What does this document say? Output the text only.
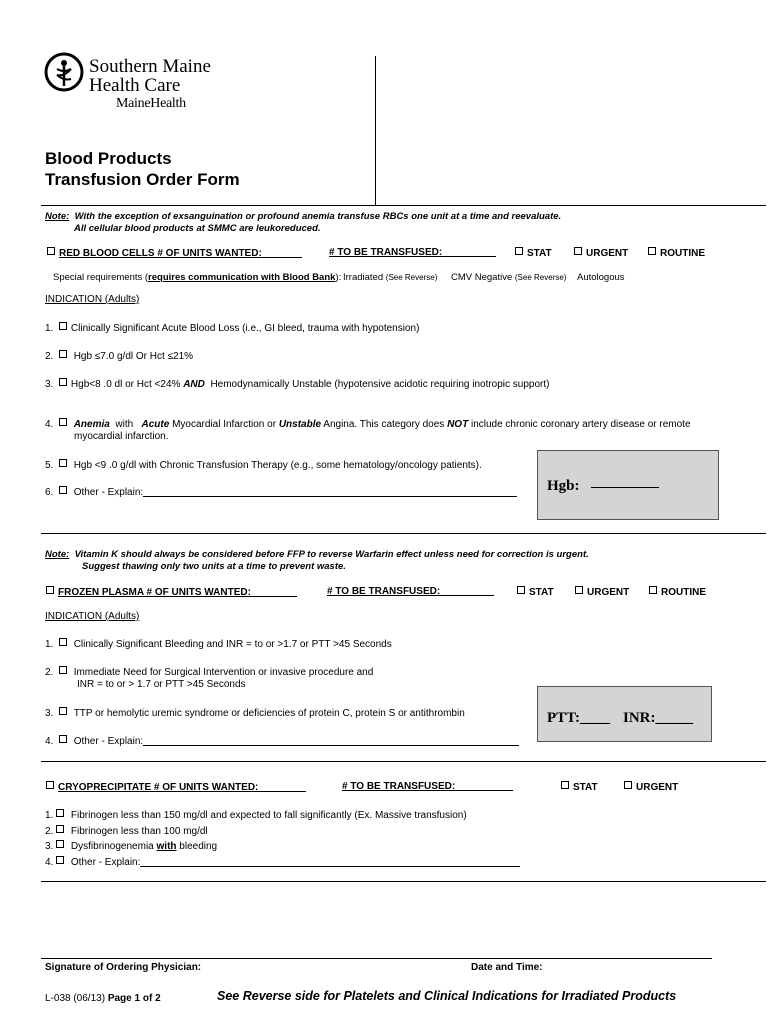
Southern Maine
Health Care
MaineHealth
Blood Products
Transfusion Order Form
Note: With the exception of exsanguination or profound anemia transfuse RBCs one unit at a time and reevaluate.
All cellular blood products at SMMC are leukoreduced.
RED BLOOD CELLS # OF UNITS WANTED:	# TO BE TRANSFUSED:	STAT	URGENT	ROUTINE
Special requirements (requires communication with Blood Bank): Irradiated (See Reverse) CMV Negative (See Reverse) Autologous
INDICATION (Adults)
1. Clinically Significant Acute Blood Loss (i.e., GI bleed, trauma with hypotension)
2. Hgb ≤7.0 g/dl Or Hct ≤21%
3. Hgb<8 .0 dl or Hct <24% AND Hemodynamically Unstable (hypotensive acidotic requiring inotropic support)
4. Anemia with Acute Myocardial Infarction or Unstable Angina. This category does NOT include chronic coronary artery disease or remote
myocardial infarction.
5. Hgb <9 .0 g/dl with Chronic Transfusion Therapy (e.g., some hematology/oncology patients).
6. Other - Explain:	Hgb:
Note: Vitamin K should always be considered before FFP to reverse Warfarin effect unless need for correction is urgent.
Suggest thawing only two units at a time to prevent waste.
FROZEN PLASMA # OF UNITS WANTED:	# TO BE TRANSFUSED:	STAT	URGENT	ROUTINE
INDICATION (Adults)
1. Clinically Significant Bleeding and INR = to or >1.7 or PTT >45 Seconds
2. Immediate Need for Surgical Intervention or invasive procedure and
INR = to or > 1.7 or PTT >45 Seconds
3. TTP or hemolytic uremic syndrome or deficiencies of protein C, protein S or antithrombin
4. Other - Explain:
PTT:____ INR:_____
CRYOPRECIPITATE # OF UNITS WANTED:	# TO BE TRANSFUSED:	STAT	URGENT
1. Fibrinogen less than 150 mg/dl and expected to fall significantly (Ex. Massive transfusion)
2. Fibrinogen less than 100 mg/dl
3. Dysfibrinogenemia with bleeding
4. Other - Explain:
Signature of Ordering Physician:	Date and Time:
L-038 (06/13) Page 1 of 2	See Reverse side for Platelets and Clinical Indications for Irradiated Products
